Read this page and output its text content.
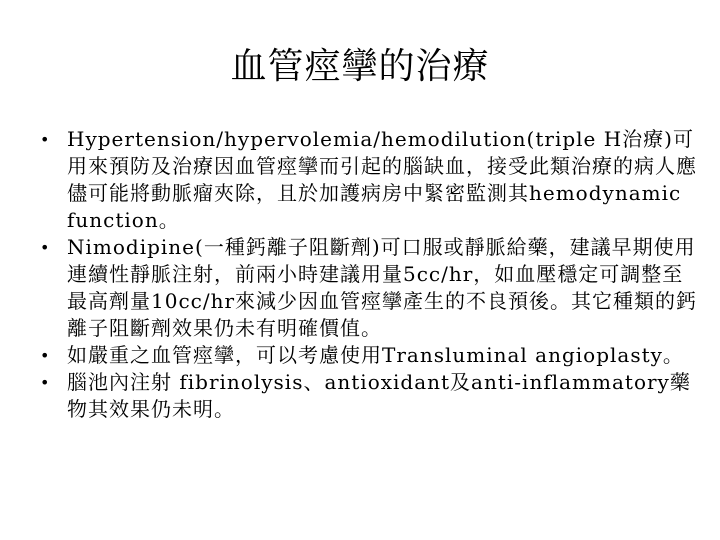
血管痙攣的治療
• Hypertension/hypervolemia/hemodilution(triple H治療)可用來預防及治療因血管痙攣而引起的腦缺血，接受此類治療的病人應儘可能將動脈瘤夾除，且於加護病房中緊密監測其hemodynamic function。
• Nimodipine(一種鈣離子阻斷劑)可口服或靜脈給藥，建議早期使用連續性靜脈注射，前兩小時建議用量5cc/hr，如血壓穩定可調整至最高劑量10cc/hr來減少因血管痙攣產生的不良預後。其它種類的鈣離子阻斷劑效果仍未有明確價值。
• 如嚴重之血管痙攣，可以考慮使用Transluminal angioplasty。
• 腦池內注射 fibrinolysis、antioxidant及anti-inflammatory藥物其效果仍未明。
